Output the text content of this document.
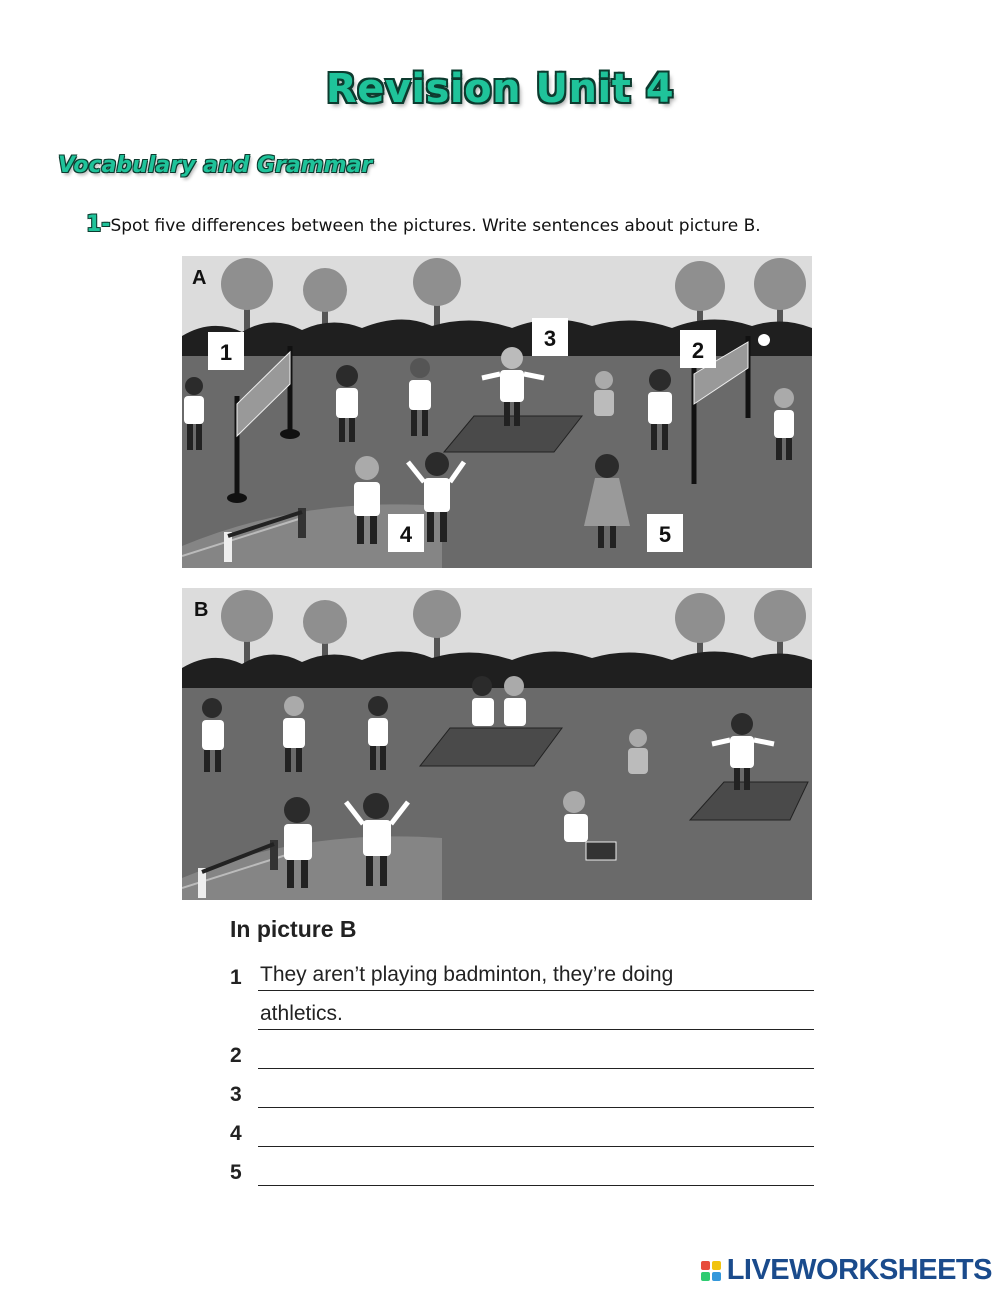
Revision Unit 4
Vocabulary and Grammar
1-Spot five differences between the pictures. Write sentences about picture B.
A
1	2
3
4	5
B
In picture B
1 They aren’t playing badminton, they’re doing
athletics.
2
3
4
5
LIVEWORKSHEETS
